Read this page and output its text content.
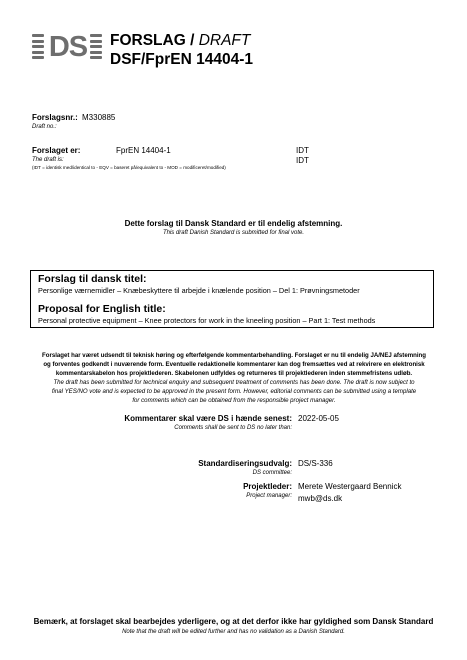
DS FORSLAG / DRAFT
DSF/FprEN 14404-1
Forslagsnr.: M330885
Draft no.:
Forslaget er:	FprEN 14404-1	IDT
The draft is:	IDT
(IDT = identisk med/identical to - EQV = baseret på/equivalent to - MOD = modificeret/modified)
Dette forslag til Dansk Standard er til endelig afstemning.
This draft Danish Standard is submitted for final vote.
Forslag til dansk titel:
Personlige værnemidler – Knæbeskyttere til arbejde i knælende position – Del 1: Prøvningsmetoder
Proposal for English title:
Personal protective equipment – Knee protectors for work in the kneeling position – Part 1: Test methods
Forslaget har været udsendt til teknisk høring og efterfølgende kommentarbehandling. Forslaget er nu til endelig JA/NEJ afstemning
og forventes godkendt i nuværende form. Eventuelle redaktionelle kommentarer kan dog fremsættes ved at rekvirere en elektronisk
kommentarskabelon hos projektlederen. Skabelonen udfyldes og returneres til projektlederen inden stemmefristens udløb.
The draft has been submitted for technical enquiry and subsequent treatment of comments has been done. The draft is now subject to
final YES/NO vote and is expected to be approved in the present form. However, editorial comments can be submitted using a template
for comments which can be obtained from the responsible project manager.
Kommentarer skal være DS i hænde senest: 2022-05-05
Comments shall be sent to DS no later than:
Standardiseringsudvalg: DS/S-336
DS committee:
Projektleder: Merete Westergaard Bennick
Project manager: mwb@ds.dk
Bemærk, at forslaget skal bearbejdes yderligere, og at det derfor ikke har gyldighed som Dansk Standard
Note that the draft will be edited further and has no validation as a Danish Standard.
